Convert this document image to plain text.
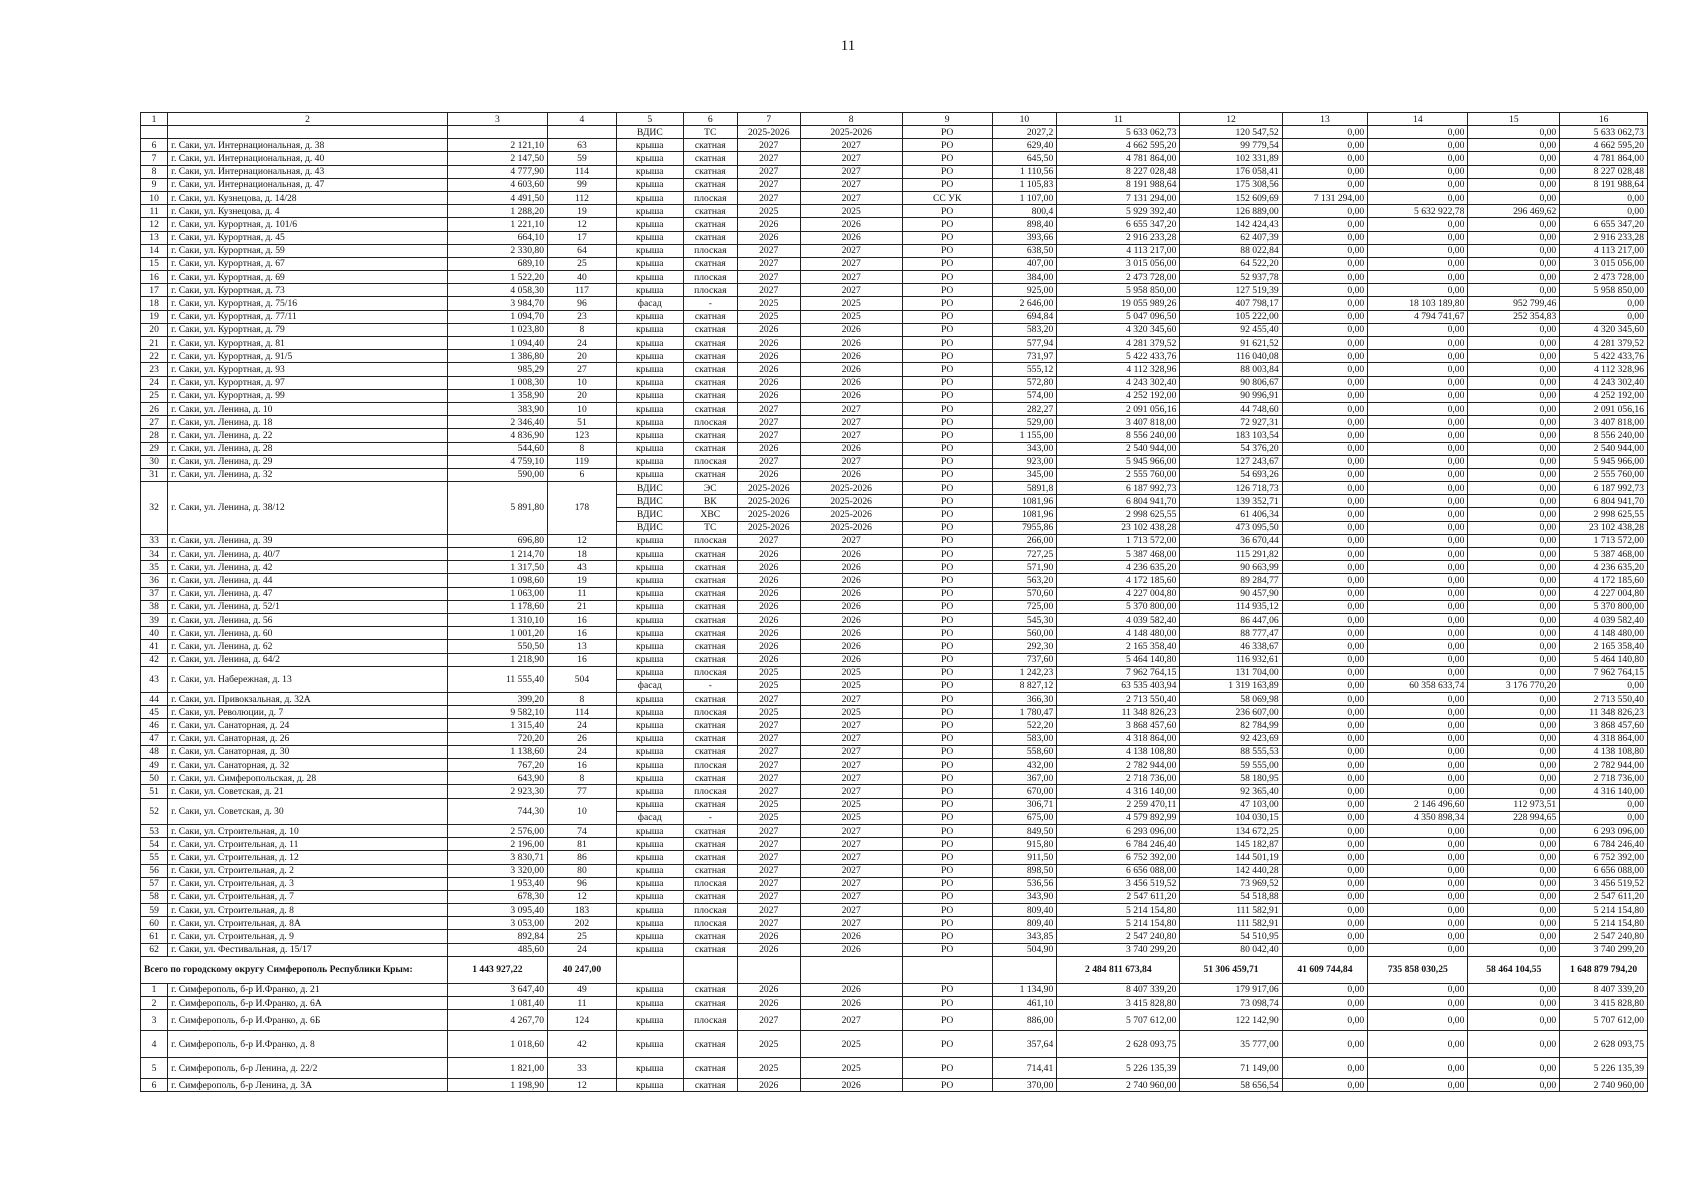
11
1	2	3	4	5	6	7	8	9	10	11	12	13	14	15	16
				ВДИС	ТС	2025-2026	2025-2026	РО	2027,2	5 633 062,73	120 547,52	0,00	0,00	0,00	5 633 062,73
6	г. Саки, ул. Интернациональная, д. 38	2 121,10	63	крыша	скатная	2027	2027	РО	629,40	4 662 595,20	99 779,54	0,00	0,00	0,00	4 662 595,20
7	г. Саки, ул. Интернациональная, д. 40	2 147,50	59	крыша	скатная	2027	2027	РО	645,50	4 781 864,00	102 331,89	0,00	0,00	0,00	4 781 864,00
8	г. Саки, ул. Интернациональная, д. 43	4 777,90	114	крыша	скатная	2027	2027	РО	1 110,56	8 227 028,48	176 058,41	0,00	0,00	0,00	8 227 028,48
9	г. Саки, ул. Интернациональная, д. 47	4 603,60	99	крыша	скатная	2027	2027	РО	1 105,83	8 191 988,64	175 308,56	0,00	0,00	0,00	8 191 988,64
10	г. Саки, ул. Кузнецова, д. 14/28	4 491,50	112	крыша	плоская	2027	2027	СС УК	1 107,00	7 131 294,00	152 609,69	7 131 294,00	0,00	0,00	0,00
11	г. Саки, ул. Кузнецова, д. 4	1 288,20	19	крыша	скатная	2025	2025	РО	800,4	5 929 392,40	126 889,00	0,00	5 632 922,78	296 469,62	0,00
12	г. Саки, ул. Курортная, д. 101/6	1 221,10	12	крыша	скатная	2026	2026	РО	898,40	6 655 347,20	142 424,43	0,00	0,00	0,00	6 655 347,20
13	г. Саки, ул. Курортная, д. 45	664,10	17	крыша	скатная	2026	2026	РО	393,66	2 916 233,28	62 407,39	0,00	0,00	0,00	2 916 233,28
14	г. Саки, ул. Курортная, д. 59	2 330,80	64	крыша	плоская	2027	2027	РО	638,50	4 113 217,00	88 022,84	0,00	0,00	0,00	4 113 217,00
15	г. Саки, ул. Курортная, д. 67	689,10	25	крыша	скатная	2027	2027	РО	407,00	3 015 056,00	64 522,20	0,00	0,00	0,00	3 015 056,00
16	г. Саки, ул. Курортная, д. 69	1 522,20	40	крыша	плоская	2027	2027	РО	384,00	2 473 728,00	52 937,78	0,00	0,00	0,00	2 473 728,00
17	г. Саки, ул. Курортная, д. 73	4 058,30	117	крыша	плоская	2027	2027	РО	925,00	5 958 850,00	127 519,39	0,00	0,00	0,00	5 958 850,00
18	г. Саки, ул. Курортная, д. 75/16	3 984,70	96	фасад	-	2025	2025	РО	2 646,00	19 055 989,26	407 798,17	0,00	18 103 189,80	952 799,46	0,00
19	г. Саки, ул. Курортная, д. 77/11	1 094,70	23	крыша	скатная	2025	2025	РО	694,84	5 047 096,50	105 222,00	0,00	4 794 741,67	252 354,83	0,00
20	г. Саки, ул. Курортная, д. 79	1 023,80	8	крыша	скатная	2026	2026	РО	583,20	4 320 345,60	92 455,40	0,00	0,00	0,00	4 320 345,60
21	г. Саки, ул. Курортная, д. 81	1 094,40	24	крыша	скатная	2026	2026	РО	577,94	4 281 379,52	91 621,52	0,00	0,00	0,00	4 281 379,52
22	г. Саки, ул. Курортная, д. 91/5	1 386,80	20	крыша	скатная	2026	2026	РО	731,97	5 422 433,76	116 040,08	0,00	0,00	0,00	5 422 433,76
23	г. Саки, ул. Курортная, д. 93	985,29	27	крыша	скатная	2026	2026	РО	555,12	4 112 328,96	88 003,84	0,00	0,00	0,00	4 112 328,96
24	г. Саки, ул. Курортная, д. 97	1 008,30	10	крыша	скатная	2026	2026	РО	572,80	4 243 302,40	90 806,67	0,00	0,00	0,00	4 243 302,40
25	г. Саки, ул. Курортная, д. 99	1 358,90	20	крыша	скатная	2026	2026	РО	574,00	4 252 192,00	90 996,91	0,00	0,00	0,00	4 252 192,00
26	г. Саки, ул. Ленина, д. 10	383,90	10	крыша	скатная	2027	2027	РО	282,27	2 091 056,16	44 748,60	0,00	0,00	0,00	2 091 056,16
27	г. Саки, ул. Ленина, д. 18	2 346,40	51	крыша	плоская	2027	2027	РО	529,00	3 407 818,00	72 927,31	0,00	0,00	0,00	3 407 818,00
28	г. Саки, ул. Ленина, д. 22	4 836,90	123	крыша	скатная	2027	2027	РО	1 155,00	8 556 240,00	183 103,54	0,00	0,00	0,00	8 556 240,00
29	г. Саки, ул. Ленина, д. 28	544,60	8	крыша	скатная	2026	2026	РО	343,00	2 540 944,00	54 376,20	0,00	0,00	0,00	2 540 944,00
30	г. Саки, ул. Ленина, д. 29	4 759,10	119	крыша	плоская	2027	2027	РО	923,00	5 945 966,00	127 243,67	0,00	0,00	0,00	5 945 966,00
31	г. Саки, ул. Ленина, д. 32	590,00	6	крыша	скатная	2026	2026	РО	345,00	2 555 760,00	54 693,26	0,00	0,00	0,00	2 555 760,00
32	г. Саки, ул. Ленина, д. 38/12	5 891,80	178	ВДИС	ЭС	2025-2026	2025-2026	РО	5891,8	6 187 992,73	126 718,73	0,00	0,00	0,00	6 187 992,73
				ВДИС	ВК	2025-2026	2025-2026	РО	1081,96	6 804 941,70	139 352,71	0,00	0,00	0,00	6 804 941,70
				ВДИС	ХВС	2025-2026	2025-2026	РО	1081,96	2 998 625,55	61 406,34	0,00	0,00	0,00	2 998 625,55
				ВДИС	ТС	2025-2026	2025-2026	РО	7955,86	23 102 438,28	473 095,50	0,00	0,00	0,00	23 102 438,28
33	г. Саки, ул. Ленина, д. 39	696,80	12	крыша	плоская	2027	2027	РО	266,00	1 713 572,00	36 670,44	0,00	0,00	0,00	1 713 572,00
34	г. Саки, ул. Ленина, д. 40/7	1 214,70	18	крыша	скатная	2026	2026	РО	727,25	5 387 468,00	115 291,82	0,00	0,00	0,00	5 387 468,00
35	г. Саки, ул. Ленина, д. 42	1 317,50	43	крыша	скатная	2026	2026	РО	571,90	4 236 635,20	90 663,99	0,00	0,00	0,00	4 236 635,20
36	г. Саки, ул. Ленина, д. 44	1 098,60	19	крыша	скатная	2026	2026	РО	563,20	4 172 185,60	89 284,77	0,00	0,00	0,00	4 172 185,60
37	г. Саки, ул. Ленина, д. 47	1 063,00	11	крыша	скатная	2026	2026	РО	570,60	4 227 004,80	90 457,90	0,00	0,00	0,00	4 227 004,80
38	г. Саки, ул. Ленина, д. 52/1	1 178,60	21	крыша	скатная	2026	2026	РО	725,00	5 370 800,00	114 935,12	0,00	0,00	0,00	5 370 800,00
39	г. Саки, ул. Ленина, д. 56	1 310,10	16	крыша	скатная	2026	2026	РО	545,30	4 039 582,40	86 447,06	0,00	0,00	0,00	4 039 582,40
40	г. Саки, ул. Ленина, д. 60	1 001,20	16	крыша	скатная	2026	2026	РО	560,00	4 148 480,00	88 777,47	0,00	0,00	0,00	4 148 480,00
41	г. Саки, ул. Ленина, д. 62	550,50	13	крыша	скатная	2026	2026	РО	292,30	2 165 358,40	46 338,67	0,00	0,00	0,00	2 165 358,40
42	г. Саки, ул. Ленина, д. 64/2	1 218,90	16	крыша	скатная	2026	2026	РО	737,60	5 464 140,80	116 932,61	0,00	0,00	0,00	5 464 140,80
43	г. Саки, ул. Набережная, д. 13	11 555,40	504	крыша	плоская	2025	2025	РО	1 242,23	7 962 764,15	131 704,00	0,00	0,00	0,00	7 962 764,15
				фасад	-	2025	2025	РО	8 827,12	63 535 403,94	1 319 163,89	0,00	60 358 633,74	3 176 770,20	0,00
44	г. Саки, ул. Привокзальная, д. 32А	399,20	8	крыша	скатная	2027	2027	РО	366,30	2 713 550,40	58 069,98	0,00	0,00	0,00	2 713 550,40
45	г. Саки, ул. Революции, д. 7	9 582,10	114	крыша	плоская	2025	2025	РО	1 780,47	11 348 826,23	236 607,00	0,00	0,00	0,00	11 348 826,23
46	г. Саки, ул. Санаторная, д. 24	1 315,40	24	крыша	скатная	2027	2027	РО	522,20	3 868 457,60	82 784,99	0,00	0,00	0,00	3 868 457,60
47	г. Саки, ул. Санаторная, д. 26	720,20	26	крыша	скатная	2027	2027	РО	583,00	4 318 864,00	92 423,69	0,00	0,00	0,00	4 318 864,00
48	г. Саки, ул. Санаторная, д. 30	1 138,60	24	крыша	скатная	2027	2027	РО	558,60	4 138 108,80	88 555,53	0,00	0,00	0,00	4 138 108,80
49	г. Саки, ул. Санаторная, д. 32	767,20	16	крыша	плоская	2027	2027	РО	432,00	2 782 944,00	59 555,00	0,00	0,00	0,00	2 782 944,00
50	г. Саки, ул. Симферопольская, д. 28	643,90	8	крыша	скатная	2027	2027	РО	367,00	2 718 736,00	58 180,95	0,00	0,00	0,00	2 718 736,00
51	г. Саки, ул. Советская, д. 21	2 923,30	77	крыша	плоская	2027	2027	РО	670,00	4 316 140,00	92 365,40	0,00	0,00	0,00	4 316 140,00
52	г. Саки, ул. Советская, д. 30	744,30	10	крыша	скатная	2025	2025	РО	306,71	2 259 470,11	47 103,00	0,00	2 146 496,60	112 973,51	0,00
				фасад	-	2025	2025	РО	675,00	4 579 892,99	104 030,15	0,00	4 350 898,34	228 994,65	0,00
53	г. Саки, ул. Строительная, д. 10	2 576,00	74	крыша	скатная	2027	2027	РО	849,50	6 293 096,00	134 672,25	0,00	0,00	0,00	6 293 096,00
54	г. Саки, ул. Строительная, д. 11	2 196,00	81	крыша	скатная	2027	2027	РО	915,80	6 784 246,40	145 182,87	0,00	0,00	0,00	6 784 246,40
55	г. Саки, ул. Строительная, д. 12	3 830,71	86	крыша	скатная	2027	2027	РО	911,50	6 752 392,00	144 501,19	0,00	0,00	0,00	6 752 392,00
56	г. Саки, ул. Строительная, д. 2	3 320,00	80	крыша	скатная	2027	2027	РО	898,50	6 656 088,00	142 440,28	0,00	0,00	0,00	6 656 088,00
57	г. Саки, ул. Строительная, д. 3	1 953,40	96	крыша	плоская	2027	2027	РО	536,56	3 456 519,52	73 969,52	0,00	0,00	0,00	3 456 519,52
58	г. Саки, ул. Строительная, д. 7	678,30	12	крыша	скатная	2027	2027	РО	343,90	2 547 611,20	54 518,88	0,00	0,00	0,00	2 547 611,20
59	г. Саки, ул. Строительная, д. 8	3 095,40	183	крыша	плоская	2027	2027	РО	809,40	5 214 154,80	111 582,91	0,00	0,00	0,00	5 214 154,80
60	г. Саки, ул. Строительная, д. 8А	3 053,00	202	крыша	плоская	2027	2027	РО	809,40	5 214 154,80	111 582,91	0,00	0,00	0,00	5 214 154,80
61	г. Саки, ул. Строительная, д. 9	892,84	25	крыша	скатная	2026	2026	РО	343,85	2 547 240,80	54 510,95	0,00	0,00	0,00	2 547 240,80
62	г. Саки, ул. Фестивальная, д. 15/17	485,60	24	крыша	скатная	2026	2026	РО	504,90	3 740 299,20	80 042,40	0,00	0,00	0,00	3 740 299,20
Всего по городскому округу Симферополь Республики Крым:		1 443 927,22	40 247,00							2 484 811 673,84	51 306 459,71	41 609 744,84	735 858 030,25	58 464 104,55	1 648 879 794,20
1	г. Симферополь, б-р И.Франко, д. 21	3 647,40	49	крыша	скатная	2026	2026	РО	1 134,90	8 407 339,20	179 917,06	0,00	0,00	0,00	8 407 339,20
2	г. Симферополь, б-р И.Франко, д. 6А	1 081,40	11	крыша	скатная	2026	2026	РО	461,10	3 415 828,80	73 098,74	0,00	0,00	0,00	3 415 828,80
3	г. Симферополь, б-р И.Франко, д. 6Б	4 267,70	124	крыша	плоская	2027	2027	РО	886,00	5 707 612,00	122 142,90	0,00	0,00	0,00	5 707 612,00
4	г. Симферополь, б-р И.Франко, д. 8	1 018,60	42	крыша	скатная	2025	2025	РО	357,64	2 628 093,75	35 777,00	0,00	0,00	0,00	2 628 093,75
5	г. Симферополь, б-р Ленина, д. 22/2	1 821,00	33	крыша	скатная	2025	2025	РО	714,41	5 226 135,39	71 149,00	0,00	0,00	0,00	5 226 135,39
6	г. Симферополь, б-р Ленина, д. 3А	1 198,90	12	крыша	скатная	2026	2026	РО	370,00	2 740 960,00	58 656,54	0,00	0,00	0,00	2 740 960,00
